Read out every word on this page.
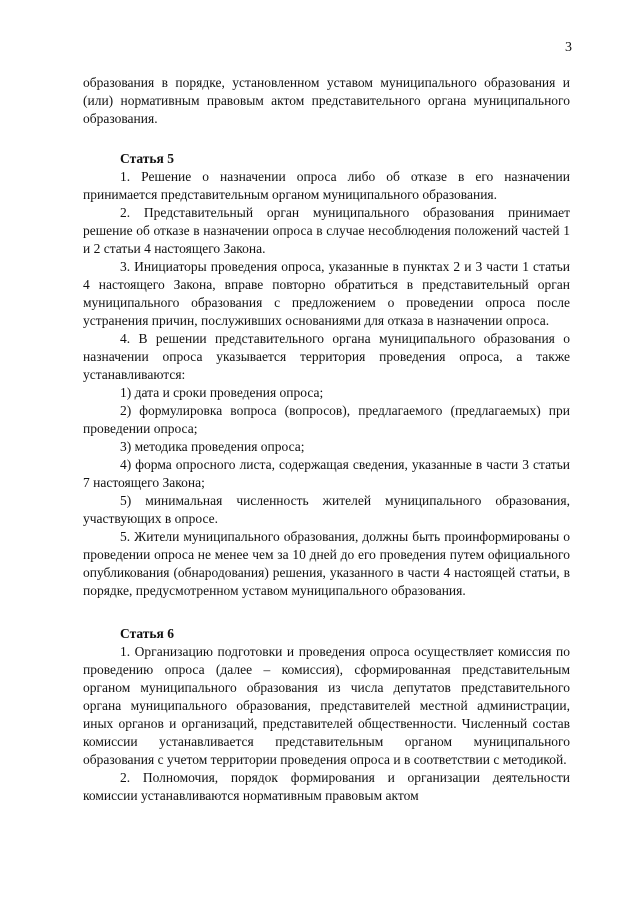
3

образования в порядке, установленном уставом муниципального образования и (или) нормативным правовым актом представительного органа муниципального образования.

Статья 5

1. Решение о назначении опроса либо об отказе в его назначении принимается представительным органом муниципального образования.

2. Представительный орган муниципального образования принимает решение об отказе в назначении опроса в случае несоблюдения положений частей 1 и 2 статьи 4 настоящего Закона.

3. Инициаторы проведения опроса, указанные в пунктах 2 и 3 части 1 статьи 4 настоящего Закона, вправе повторно обратиться в представительный орган муниципального образования с предложением о проведении опроса после устранения причин, послуживших основаниями для отказа в назначении опроса.

4. В решении представительного органа муниципального образования о назначении опроса указывается территория проведения опроса, а также устанавливаются:

1) дата и сроки проведения опроса;

2) формулировка вопроса (вопросов), предлагаемого (предлагаемых) при проведении опроса;

3) методика проведения опроса;

4) форма опросного листа, содержащая сведения, указанные в части 3 статьи 7 настоящего Закона;

5) минимальная численность жителей муниципального образования, участвующих в опросе.

5. Жители муниципального образования, должны быть проинформированы о проведении опроса не менее чем за 10 дней до его проведения путем официального опубликования (обнародования) решения, указанного в части 4 настоящей статьи, в порядке, предусмотренном уставом муниципального образования.

Статья 6

1. Организацию подготовки и проведения опроса осуществляет комиссия по проведению опроса (далее – комиссия), сформированная представительным органом муниципального образования из числа депутатов представительного органа муниципального образования, представителей местной администрации, иных органов и организаций, представителей общественности. Численный состав комиссии устанавливается представительным органом муниципального образования с учетом территории проведения опроса и в соответствии с методикой.

2. Полномочия, порядок формирования и организации деятельности комиссии устанавливаются нормативным правовым актом
